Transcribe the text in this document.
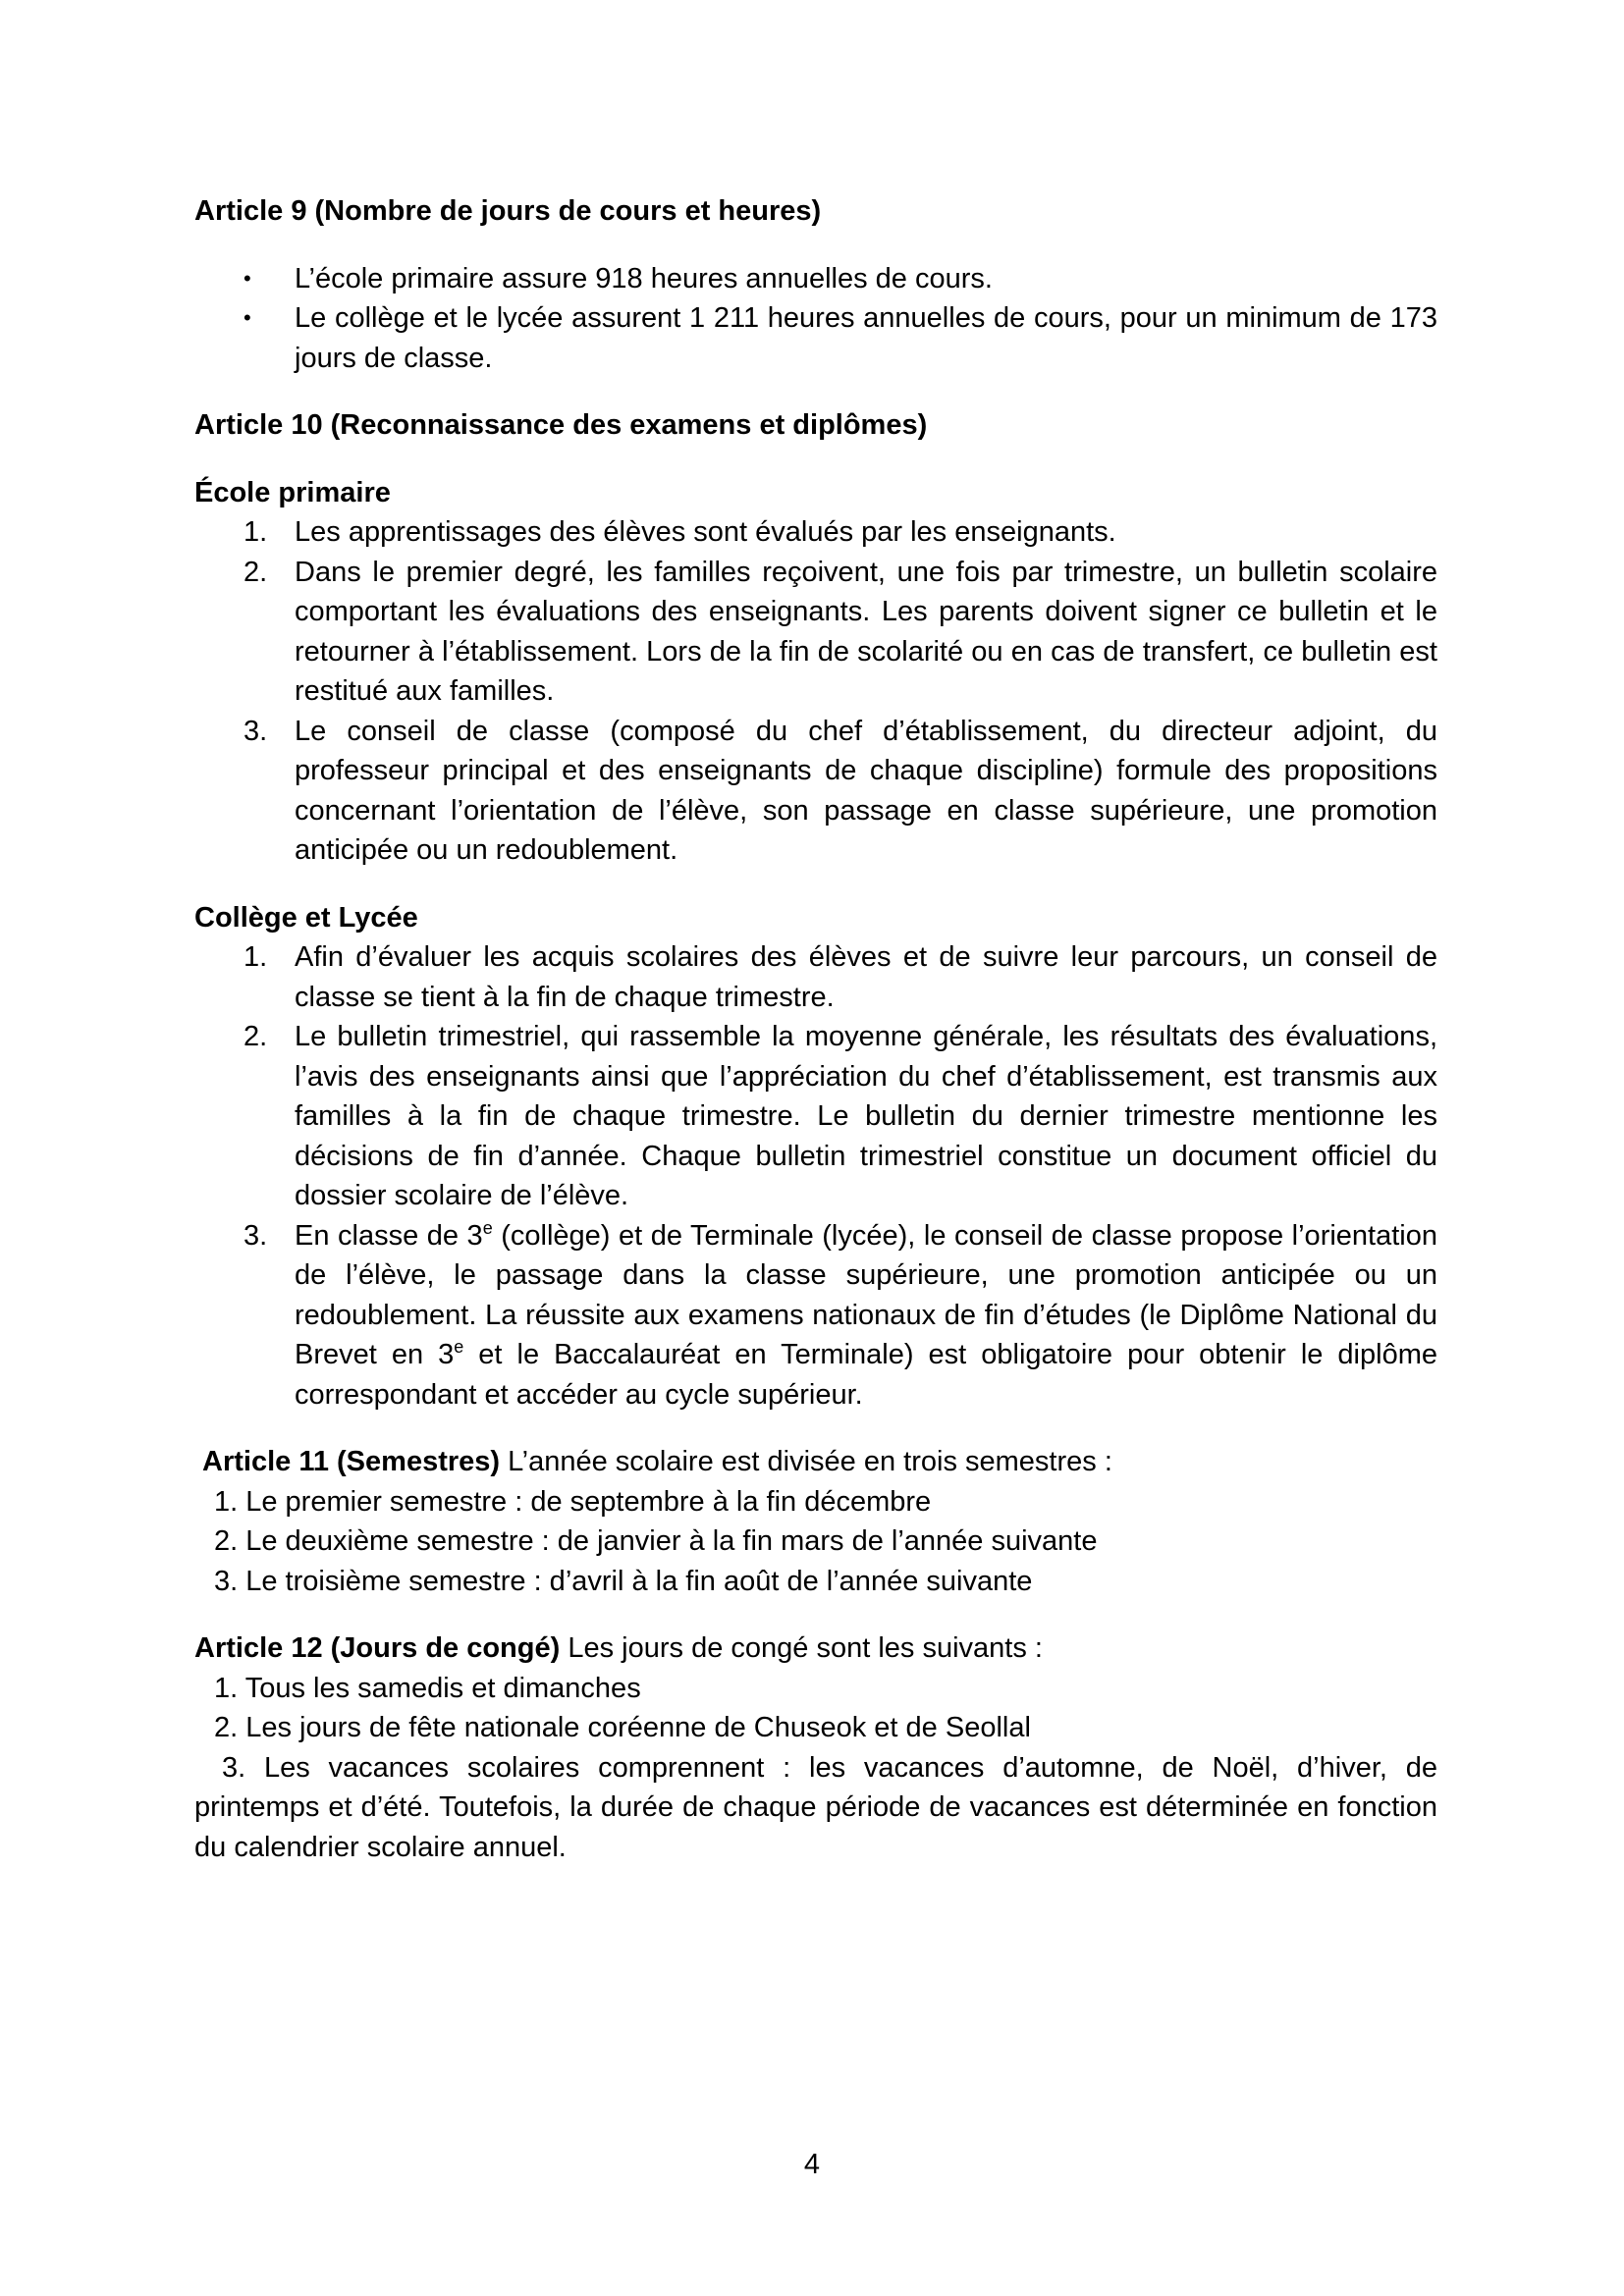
Article 9 (Nombre de jours de cours et heures)

• L’école primaire assure 918 heures annuelles de cours.
• Le collège et le lycée assurent 1 211 heures annuelles de cours, pour un minimum de 173 jours de classe.

Article 10 (Reconnaissance des examens et diplômes)

École primaire

1. Les apprentissages des élèves sont évalués par les enseignants.
2. Dans le premier degré, les familles reçoivent, une fois par trimestre, un bulletin scolaire comportant les évaluations des enseignants. Les parents doivent signer ce bulletin et le retourner à l’établissement. Lors de la fin de scolarité ou en cas de transfert, ce bulletin est restitué aux familles.
3. Le conseil de classe (composé du chef d’établissement, du directeur adjoint, du professeur principal et des enseignants de chaque discipline) formule des propositions concernant l’orientation de l’élève, son passage en classe supérieure, une promotion anticipée ou un redoublement.

Collège et Lycée

1. Afin d’évaluer les acquis scolaires des élèves et de suivre leur parcours, un conseil de classe se tient à la fin de chaque trimestre.
2. Le bulletin trimestriel, qui rassemble la moyenne générale, les résultats des évaluations, l’avis des enseignants ainsi que l’appréciation du chef d’établissement, est transmis aux familles à la fin de chaque trimestre. Le bulletin du dernier trimestre mentionne les décisions de fin d’année. Chaque bulletin trimestriel constitue un document officiel du dossier scolaire de l’élève.
3. En classe de 3e (collège) et de Terminale (lycée), le conseil de classe propose l’orientation de l’élève, le passage dans la classe supérieure, une promotion anticipée ou un redoublement. La réussite aux examens nationaux de fin d’études (le Diplôme National du Brevet en 3e et le Baccalauréat en Terminale) est obligatoire pour obtenir le diplôme correspondant et accéder au cycle supérieur.

Article 11 (Semestres) L’année scolaire est divisée en trois semestres :

1. Le premier semestre : de septembre à la fin décembre
2. Le deuxième semestre : de janvier à la fin mars de l’année suivante
3. Le troisième semestre : d’avril à la fin août de l’année suivante

Article 12 (Jours de congé) Les jours de congé sont les suivants :

1. Tous les samedis et dimanches
2. Les jours de fête nationale coréenne de Chuseok et de Seollal

3. Les vacances scolaires comprennent : les vacances d’automne, de Noël, d’hiver, de printemps et d’été. Toutefois, la durée de chaque période de vacances est déterminée en fonction du calendrier scolaire annuel.

4
